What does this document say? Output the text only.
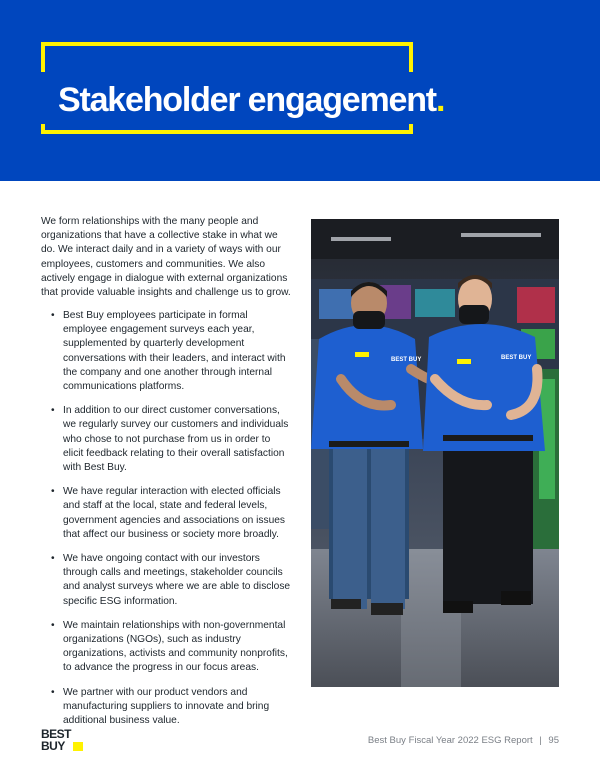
Stakeholder engagement.

We form relationships with the many people and organizations that have a collective stake in what we do. We interact daily and in a variety of ways with our employees, customers and communities. We also actively engage in dialogue with external organizations that provide valuable insights and challenge us to grow.

• Best Buy employees participate in formal employee engagement surveys each year, supplemented by quarterly development conversations with their leaders, and interact with the company and one another through internal communications platforms.
• In addition to our direct customer conversations, we regularly survey our customers and individuals who chose to not purchase from us in order to elicit feedback relating to their overall satisfaction with Best Buy.
• We have regular interaction with elected officials and staff at the local, state and federal levels, government agencies and associations on issues that affect our business or society more broadly.
• We have ongoing contact with our investors through calls and meetings, stakeholder councils and analyst surveys where we are able to disclose specific ESG information.
• We maintain relationships with non-governmental organizations (NGOs), such as industry organizations, activists and community nonprofits, to advance the progress in our focus areas.
• We partner with our product vendors and manufacturing suppliers to innovate and bring additional business value.
BEST BUY	BEST BUY
BEST
BUY	Best Buy Fiscal Year 2022 ESG Report | 95
